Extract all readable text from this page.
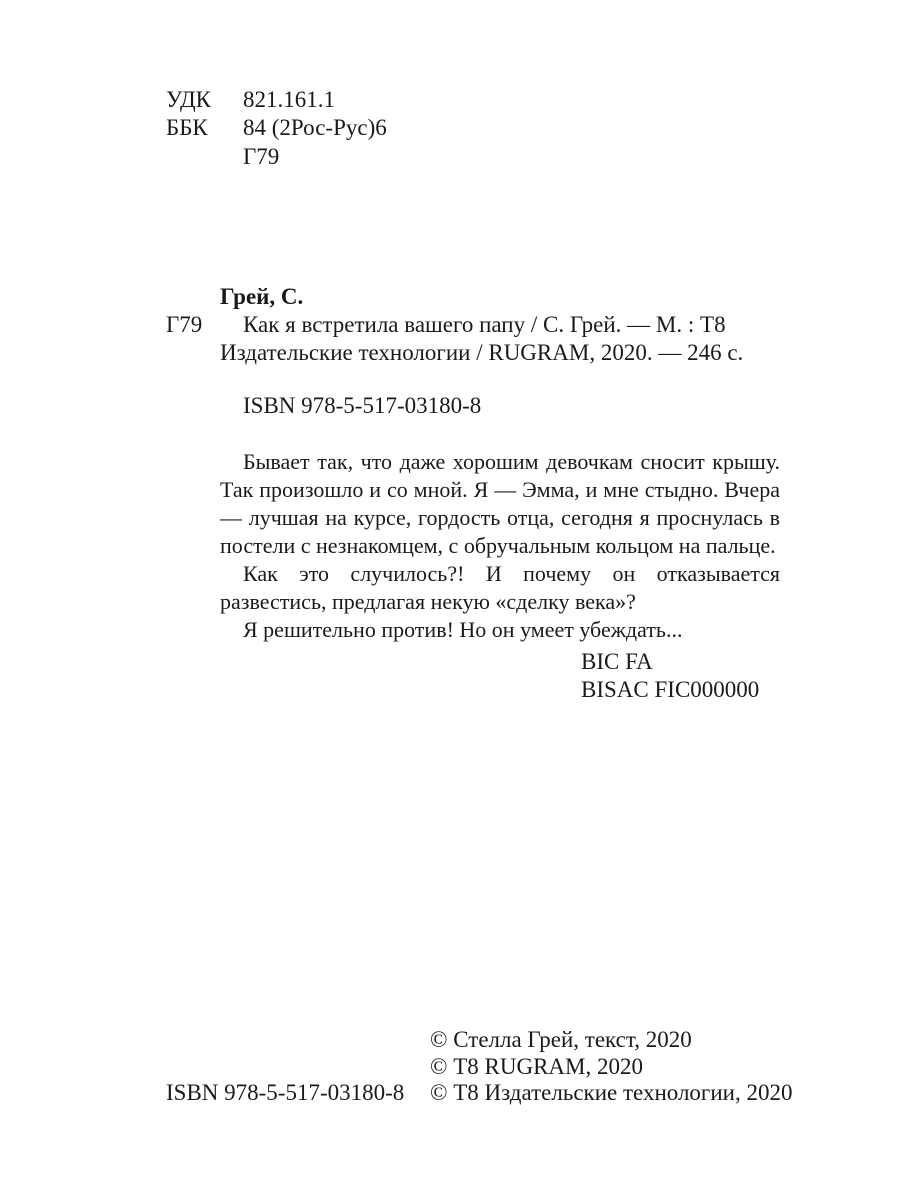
УДК 821.161.1
ББК 84 (2Рос-Рус)6
Г79
Грей, С.
Г79 Как я встретила вашего папу / С. Грей. — М. : Т8
Издательские технологии / RUGRAM, 2020. — 246 с.
ISBN 978-5-517-03180-8

Бывает так, что даже хорошим девочкам сносит крышу. Так произошло и со мной. Я — Эмма, и мне стыдно. Вчера — лучшая на курсе, гордость отца, сегодня я проснулась в постели с незнакомцем, с обручальным кольцом на пальце.

Как это случилось?! И почему он отказывается развестись, предлагая некую «сделку века»?

Я решительно против! Но он умеет убеждать...

BIC FA
BISAC FIC000000
© Стелла Грей, текст, 2020
© Т8 RUGRAM, 2020
© Т8 Издательские технологии, 2020
ISBN 978-5-517-03180-8
